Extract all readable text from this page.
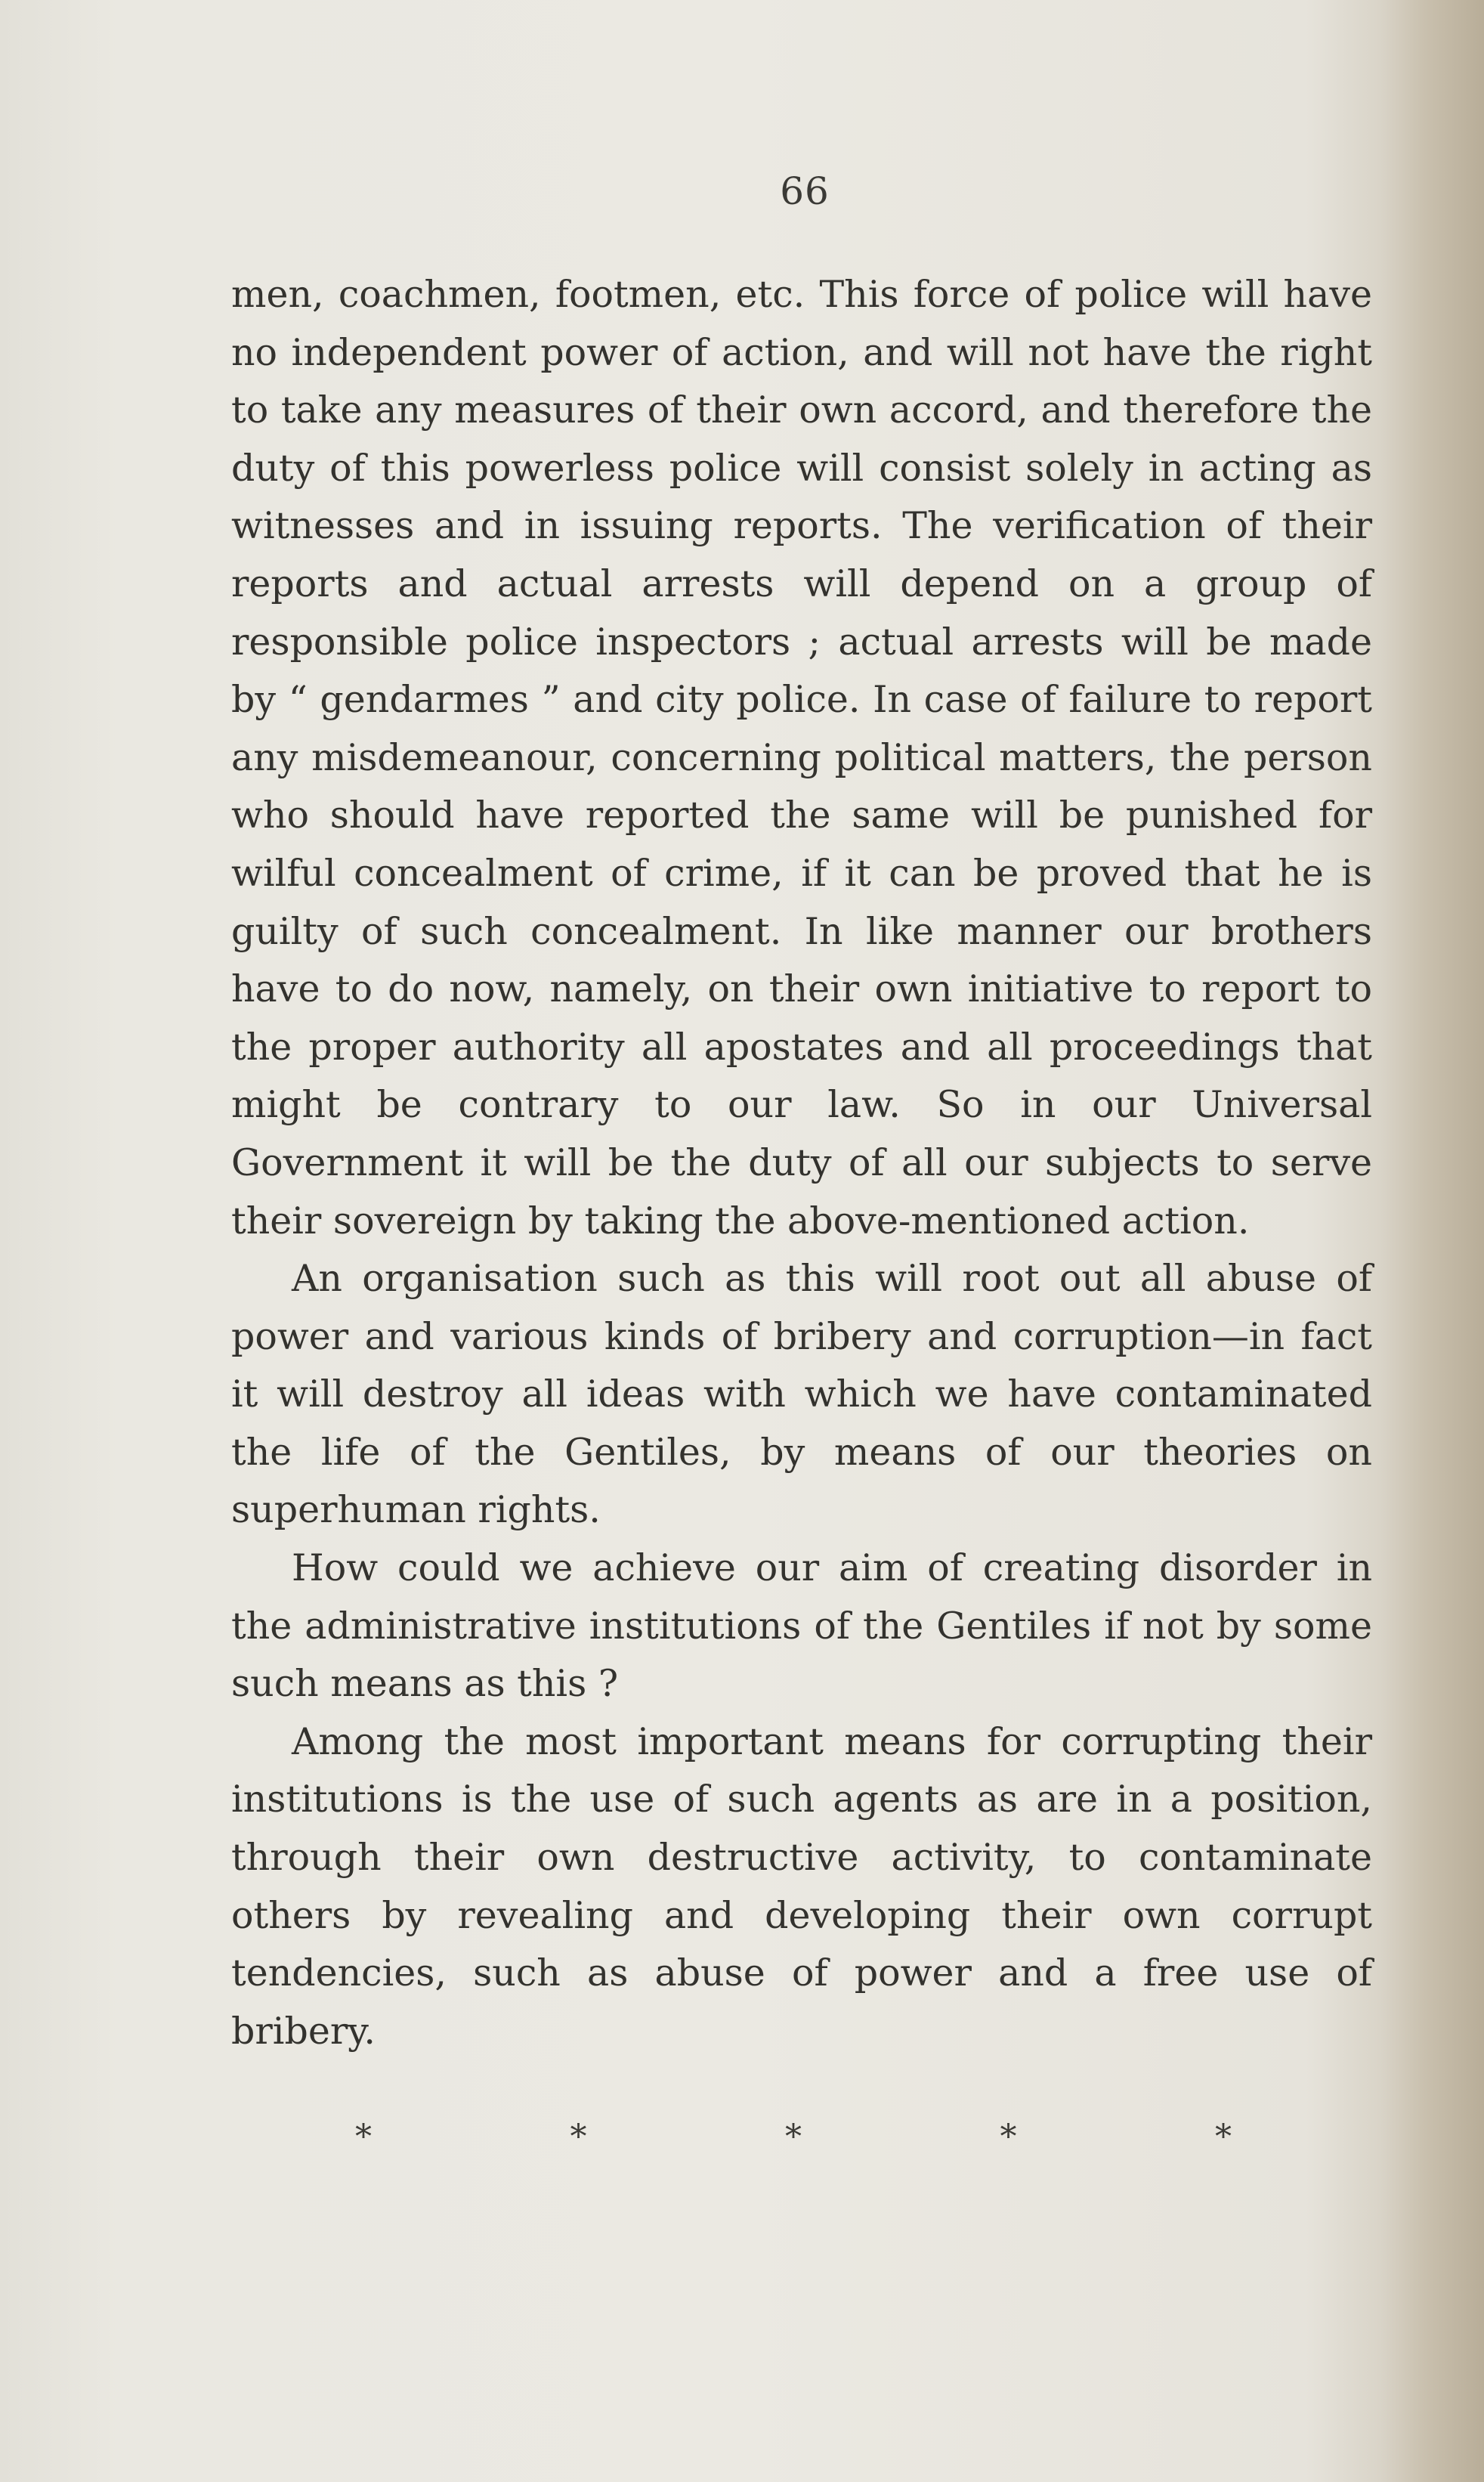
66

men, coachmen, footmen, etc. This force of police will have no independent power of action, and will not have the right to take any measures of their own accord, and therefore the duty of this powerless police will consist solely in acting as witnesses and in issuing reports. The verification of their reports and actual arrests will depend on a group of responsible police inspectors ; actual arrests will be made by “ gendarmes ” and city police. In case of failure to report any misdemeanour, concerning political matters, the person who should have reported the same will be punished for wilful concealment of crime, if it can be proved that he is guilty of such concealment. In like manner our brothers have to do now, namely, on their own initiative to report to the proper authority all apostates and all proceedings that might be contrary to our law. So in our Universal Government it will be the duty of all our subjects to serve their sovereign by taking the above-mentioned action.

An organisation such as this will root out all abuse of power and various kinds of bribery and corruption—in fact it will destroy all ideas with which we have contaminated the life of the Gentiles, by means of our theories on superhuman rights.

How could we achieve our aim of creating disorder in the administrative institutions of the Gentiles if not by some such means as this ?

Among the most important means for corrupting their institutions is the use of such agents as are in a position, through their own destructive activity, to contaminate others by revealing and developing their own corrupt tendencies, such as abuse of power and a free use of bribery.

*	*	*	*	*
